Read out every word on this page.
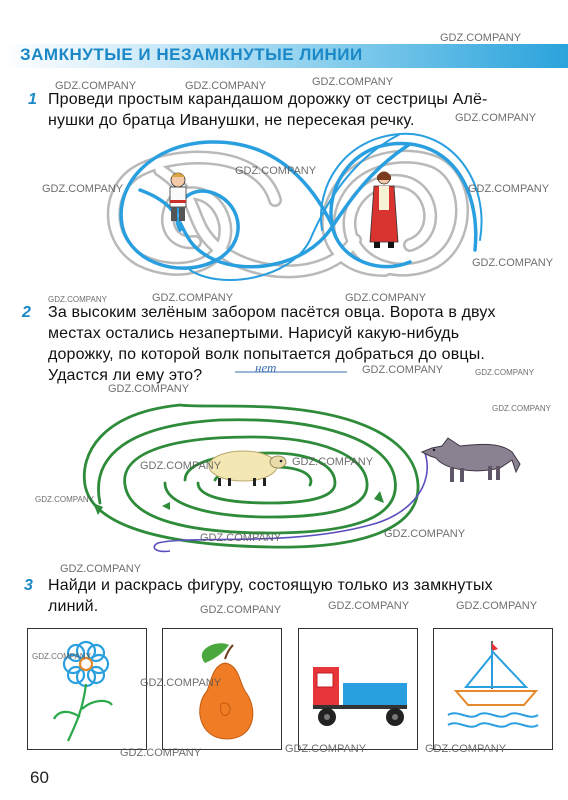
ЗАМКНУТЫЕ И НЕЗАМКНУТЫЕ ЛИНИИ
1 Проведи простым карандашом дорожку от сестрицы Алё-
нушки до братца Иванушки, не пересекая речку.
2 За высоким зелёным забором пасётся овца. Ворота в двух
местах остались незапертыми. Нарисуй какую-нибудь
дорожку, по которой волк попытается добраться до овцы.
Удастся ли ему это?	нет
3 Найди и раскрась фигуру, состоящую только из замкнутых
линий.
60
GDZ.COMPANY
GDZ.COMPANY	GDZ.COMPANY	GDZ.COMPANY
GDZ.COMPANY
GDZ.COMPANY
GDZ.COMPANY
GDZ.COMPANY
GDZ.COMPANY
GDZ.COMPANY	GDZ.COMPANY	GDZ.COMPANY
GDZ.COMPANY	GDZ.COMPANY
GDZ.COMPANY
GDZ.COMPANY
GDZ.COMPANY	GDZ.COMPANY
GDZ.COMPANY
GDZ.COMPANY	GDZ.COMPANY
GDZ.COMPANY
GDZ.COMPANY	GDZ.COMPANY	GDZ.COMPANY
GDZ.COMPANY
GDZ.COMPANY
GDZ.COMPANY	GDZ.COMPANY	GDZ.COMPANY
